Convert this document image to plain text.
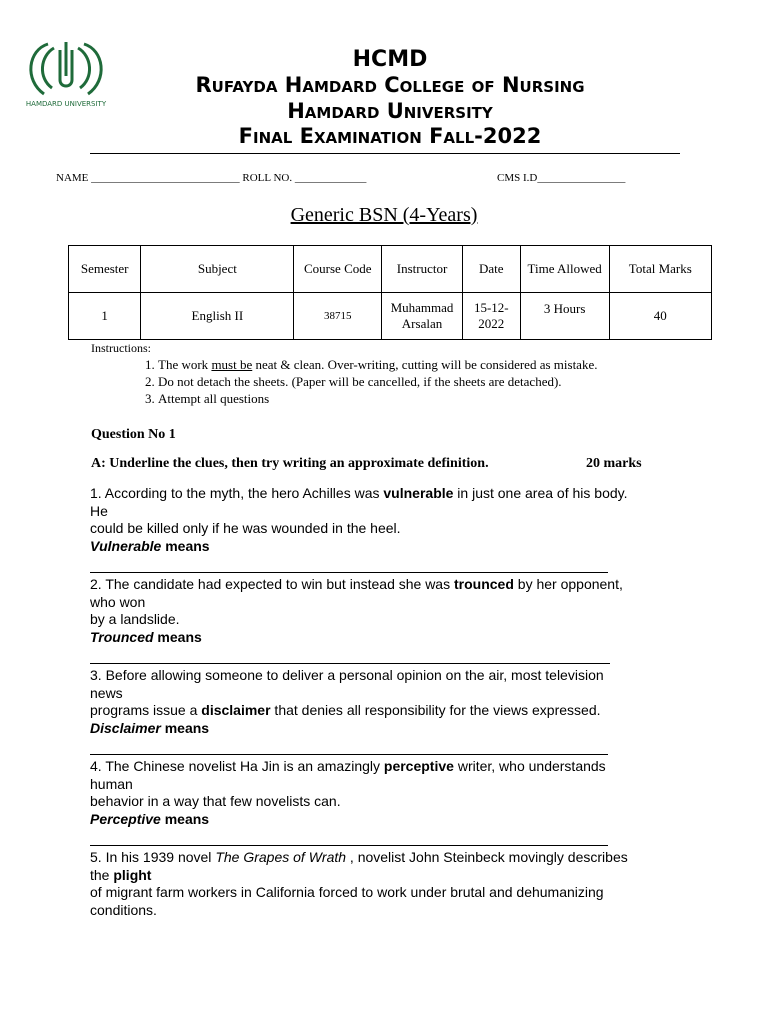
HAMDARD UNIVERSITY
HCMD
Rufayda Hamdard College of Nursing
Hamdard University
Final Examination Fall-2022
NAME ___________________________ ROLL NO. _____________	CMS I.D________________
Generic BSN (4-Years)
Semester	Subject	Course Code	Instructor	Date	Time Allowed	Total Marks
1	English II	38715	Muhammad Arsalan	15-12-2022	3 Hours	40
Instructions:
1. The work must be neat & clean. Over-writing, cutting will be considered as mistake.
2. Do not detach the sheets. (Paper will be cancelled, if the sheets are detached).
3. Attempt all questions
Question No 1
A: Underline the clues, then try writing an approximate definition.	20 marks
1. According to the myth, the hero Achilles was vulnerable in just one area of his body.
He
could be killed only if he was wounded in the heel.
Vulnerable means
2. The candidate had expected to win but instead she was trounced by her opponent,
who won
by a landslide.
Trounced means
3. Before allowing someone to deliver a personal opinion on the air, most television
news
programs issue a disclaimer that denies all responsibility for the views expressed.
Disclaimer means
4. The Chinese novelist Ha Jin is an amazingly perceptive writer, who understands
human
behavior in a way that few novelists can.
Perceptive means
5. In his 1939 novel The Grapes of Wrath , novelist John Steinbeck movingly describes
the plight
of migrant farm workers in California forced to work under brutal and dehumanizing
conditions.
